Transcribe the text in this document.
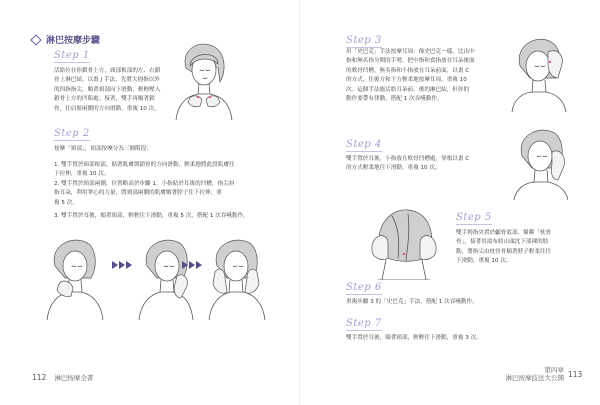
淋巴按摩步驟
Step 1

活絡位在你鎖骨上方，頸部根部的左、右鎖

骨上淋巴結，以畫 J 手法，先將大拇指以外

的四指指尖，順著頸部向下滑動，輕輕壓入

鎖骨上方的凹陷處；接著，雙手再順著鎖

骨，往肩膀兩側的方向滑動，重複 10 次。

Step 2
按摩「頸部」，頸部按摩分為三個階段：

1. 雙手置於頸部根部，貼著肌膚朝鎖骨的方向滑動，輕柔地將此段肌膚往

下拉伸，重複 10 次。

2. 雙手置於頸部兩側，位置略高於步驟 1，小指貼於耳後的凹槽，指尖斜

指耳朵，利用掌心的力量，將頸部兩側的肌膚順著脖子往下拉伸，重

複 5 次。

3. 雙手置於耳後，順著頸部，輕輕往下滑動，重複 5 次，搭配 1 次吞嚥動作。

112 淋巴按摩全書
Step 3

用「史巴克」手法按摩耳周：像史巴克一樣，比出中

指和無名指分開的手勢，把中指和食指放在耳朵後面

的軟骨凹槽，無名指和小指放在耳朵前面，以畫 C

的方式，往後方和下方輕柔地按摩耳周，重複 10

次。這個手法能活絡耳朵前、後的淋巴結，但你的

動作要帶有律動，搭配 1 次吞嚥動作。

Step 4

雙手置於耳後，小指放在軟骨凹槽處，掌根以畫 C

的方式輕柔地往下滑動，重複 10 次。

Step 5

雙手拇指央置於顱骨底部，緊鄰「枕骨

骨」，接著用湯布收山頭沈下部裸的肋

動，將指尖由枕骨骨順著脖子輕柔往往

下滑動，重複 10 次。

Step 6

重複步驟 3 的「史巴克」手法，搭配 1 次吞嚥動作。

Step 7

雙手置於耳後，順著頸部，輕輕往下滑動，重複 3 次。

第四章
淋巴按摩技法大公開 113
